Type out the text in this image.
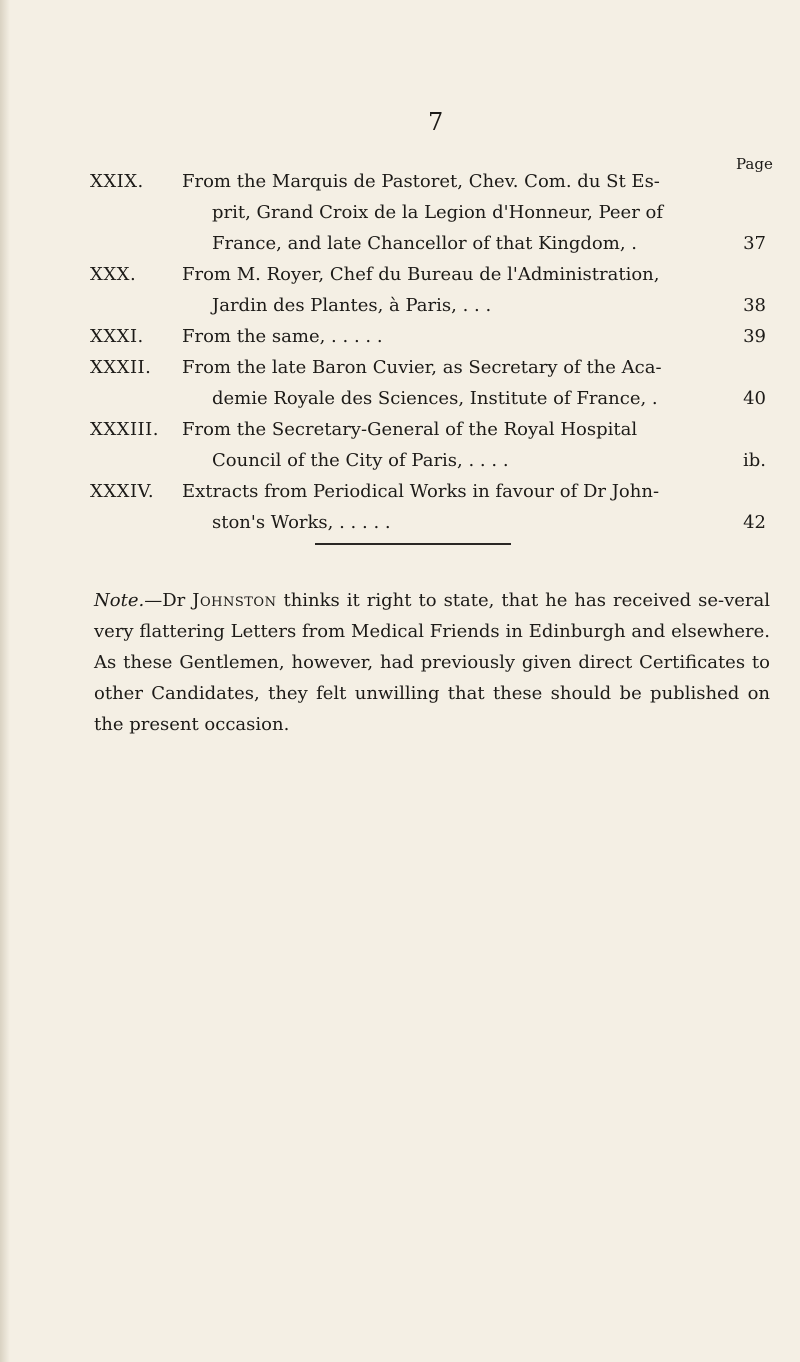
7
Page
XXIX.	From the Marquis de Pastoret, Chev. Com. du St Es-
prit, Grand Croix de la Legion d'Honneur, Peer of
France, and late Chancellor of that Kingdom, .	37
XXX.	From M. Royer, Chef du Bureau de l'Administration,
Jardin des Plantes, à Paris, . . .	38
XXXI.	From the same, . . . . .	39
XXXII.	From the late Baron Cuvier, as Secretary of the Aca-
demie Royale des Sciences, Institute of France, .	40
XXXIII.	From the Secretary-General of the Royal Hospital
Council of the City of Paris, . . . .	ib.
XXXIV.	Extracts from Periodical Works in favour of Dr John-
ston's Works, . . . . .	42
Note.—Dr Johnston thinks it right to state, that he has received se-veral very flattering Letters from Medical Friends in Edinburgh and elsewhere. As these Gentlemen, however, had previously given direct Certificates to other Candidates, they felt unwilling that these should be published on the present occasion.
